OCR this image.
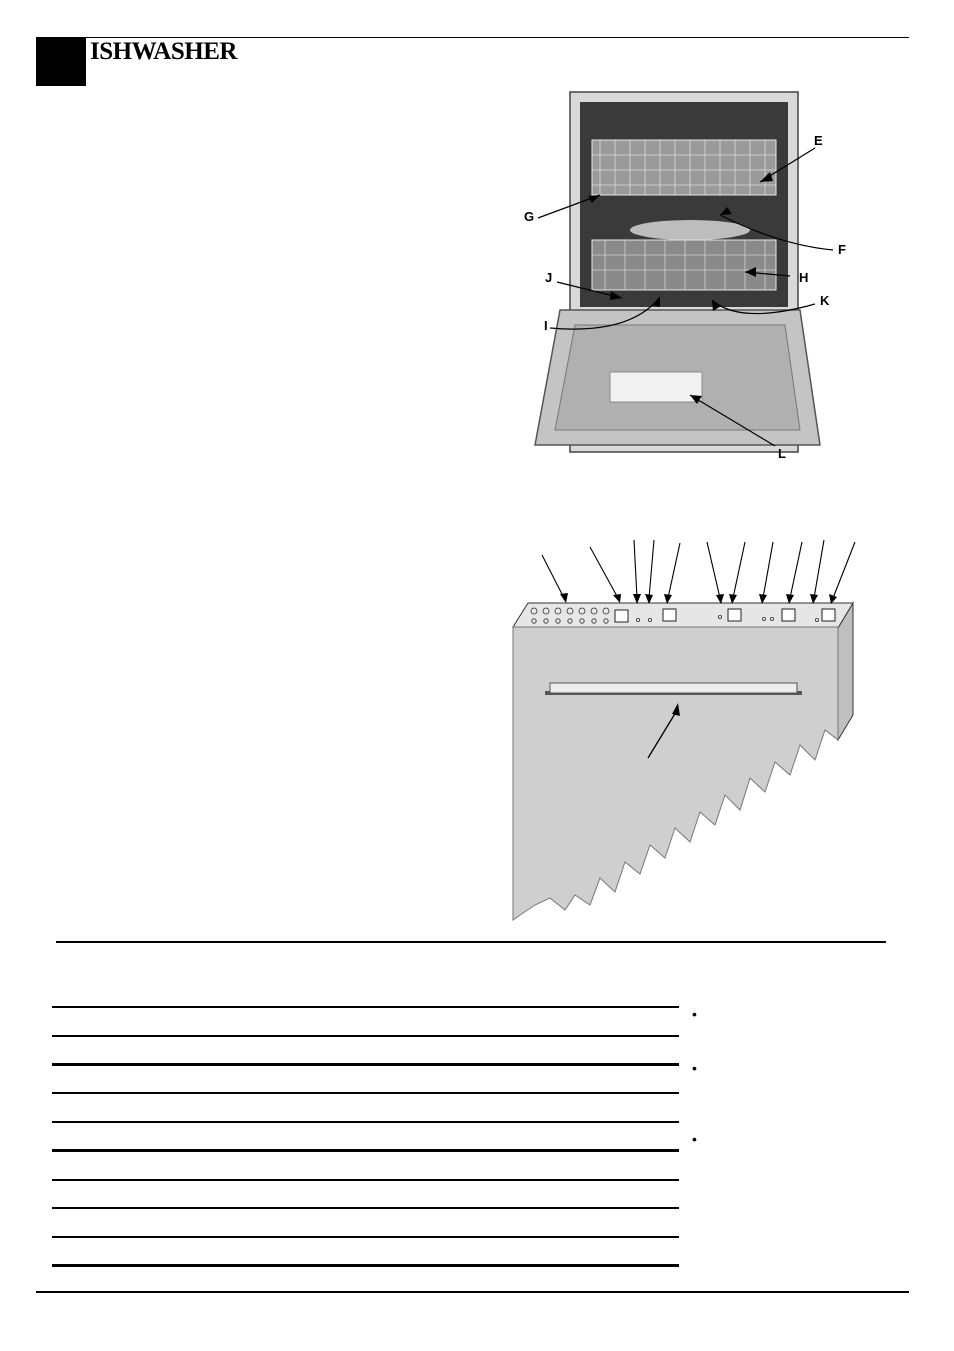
ISHWASHER
E
G
F
J	H
K
I
L
•
•
•
